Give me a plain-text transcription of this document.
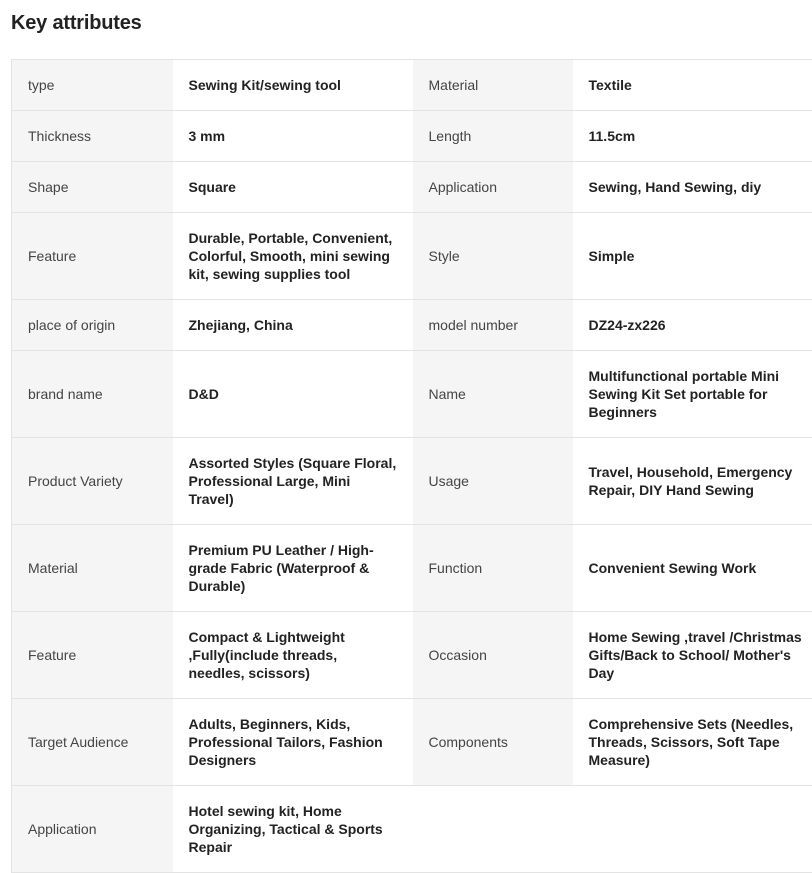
Key attributes
type	Sewing Kit/sewing tool	Material	Textile
Thickness	3 mm	Length	11.5cm
Shape	Square	Application	Sewing, Hand Sewing, diy
Feature	Durable, Portable, Convenient, Colorful, Smooth, mini sewing kit, sewing supplies tool	Style	Simple
place of origin	Zhejiang, China	model number	DZ24-zx226
brand name	D&D	Name	Multifunctional portable Mini Sewing Kit Set portable for Beginners
Product Variety	Assorted Styles (Square Floral, Professional Large, Mini Travel)	Usage	Travel, Household, Emergency Repair, DIY Hand Sewing
Material	Premium PU Leather / High-grade Fabric (Waterproof & Durable)	Function	Convenient Sewing Work
Feature	Compact & Lightweight ,Fully(include threads, needles, scissors)	Occasion	Home Sewing ,travel /Christmas Gifts/Back to School/ Mother's Day
Target Audience	Adults, Beginners, Kids, Professional Tailors, Fashion Designers	Components	Comprehensive Sets (Needles, Threads, Scissors, Soft Tape Measure)
Application	Hotel sewing kit, Home Organizing, Tactical & Sports Repair		
